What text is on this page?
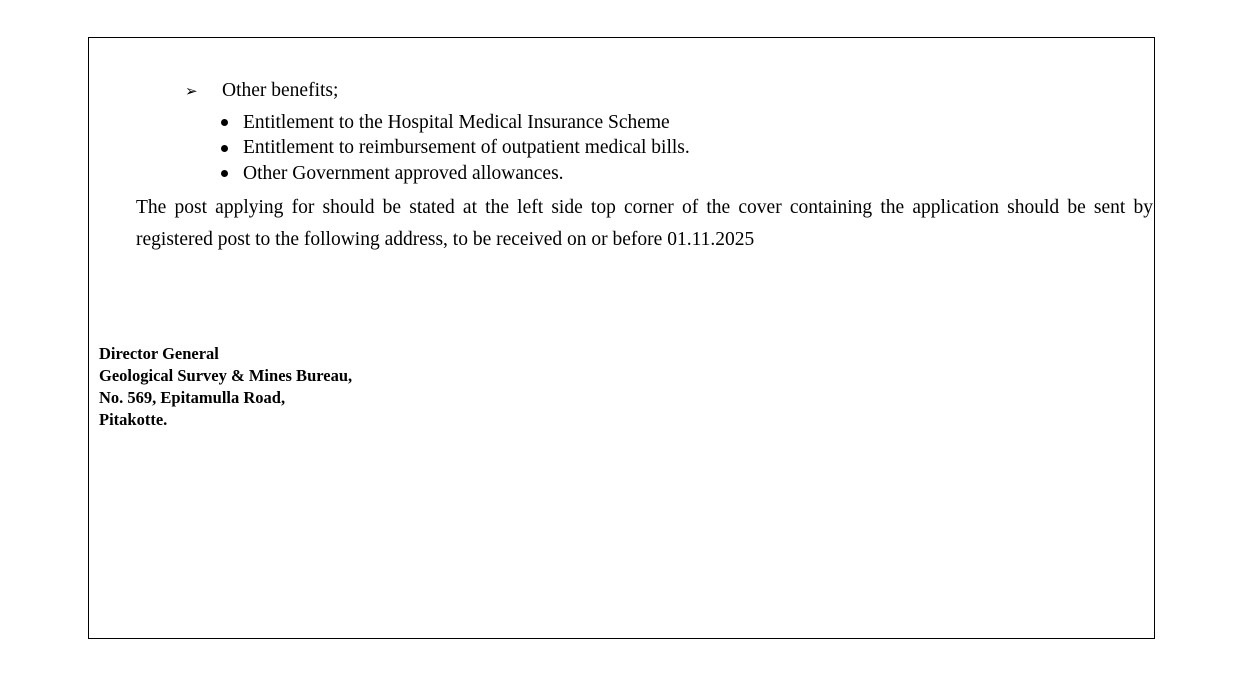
➢	Other benefits;
Entitlement to the Hospital Medical Insurance Scheme
Entitlement to reimbursement of outpatient medical bills.
Other Government approved allowances.

The post applying for should be stated at the left side top corner of the cover containing the application should be sent by registered post to the following address, to be received on or before 01.11.2025

Director General
Geological Survey & Mines Bureau,
No. 569, Epitamulla Road,
Pitakotte.
